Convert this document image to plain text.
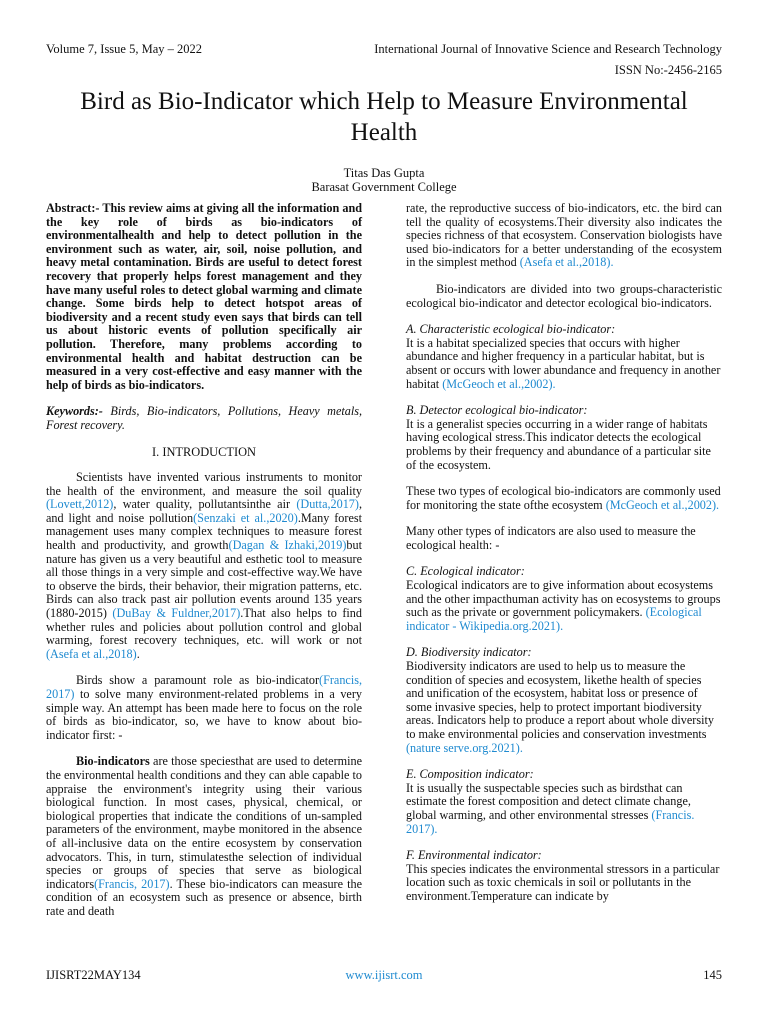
Volume 7, Issue 5, May – 2022	International Journal of Innovative Science and Research Technology
ISSN No:-2456-2165
Bird as Bio-Indicator which Help to Measure Environmental Health
Titas Das Gupta
Barasat Government College

Abstract:- This review aims at giving all the information and the key role of birds as bio-indicators of environmentalhealth and help to detect pollution in the environment such as water, air, soil, noise pollution, and heavy metal contamination. Birds are useful to detect forest recovery that properly helps forest management and they have many useful roles to detect global warming and climate change. Some birds help to detect hotspot areas of biodiversity and a recent study even says that birds can tell us about historic events of pollution specifically air pollution. Therefore, many problems according to environmental health and habitat destruction can be measured in a very cost-effective and easy manner with the help of birds as bio-indicators.

Keywords:- Birds, Bio-indicators, Pollutions, Heavy metals, Forest recovery.

I. INTRODUCTION

Scientists have invented various instruments to monitor the health of the environment, and measure the soil quality (Lovett,2012), water quality, pollutantsinthe air (Dutta,2017), and light and noise pollution(Senzaki et al.,2020).Many forest management uses many complex techniques to measure forest health and productivity, and growth(Dagan & Izhaki,2019)but nature has given us a very beautiful and esthetic tool to measure all those things in a very simple and cost-effective way.We have to observe the birds, their behavior, their migration patterns, etc. Birds can also track past air pollution events around 135 years (1880-2015) (DuBay & Fuldner,2017).That also helps to find whether rules and policies about pollution control and global warming, forest recovery techniques, etc. will work or not (Asefa et al.,2018).

Birds show a paramount role as bio-indicator(Francis, 2017) to solve many environment-related problems in a very simple way. An attempt has been made here to focus on the role of birds as bio-indicator, so, we have to know about bio-indicator first: -

Bio-indicators are those speciesthat are used to determine the environmental health conditions and they can able capable to appraise the environment's integrity using their various biological function. In most cases, physical, chemical, or biological properties that indicate the conditions of un-sampled parameters of the environment, maybe monitored in the absence of all-inclusive data on the entire ecosystem by conservation advocators. This, in turn, stimulatesthe selection of individual species or groups of species that serve as biological indicators(Francis, 2017). These bio-indicators can measure the condition of an ecosystem such as presence or absence, birth rate and death

rate, the reproductive success of bio-indicators, etc. the bird can tell the quality of ecosystems.Their diversity also indicates the species richness of that ecosystem. Conservation biologists have used bio-indicators for a better understanding of the ecosystem in the simplest method (Asefa et al.,2018).

Bio-indicators are divided into two groups-characteristic ecological bio-indicator and detector ecological bio-indicators.

A. Characteristic ecological bio-indicator:

It is a habitat specialized species that occurs with higher abundance and higher frequency in a particular habitat, but is absent or occurs with lower abundance and frequency in another habitat (McGeoch et al.,2002).

B. Detector ecological bio-indicator:

It is a generalist species occurring in a wider range of habitats having ecological stress.This indicator detects the ecological problems by their frequency and abundance of a particular site of the ecosystem.

These two types of ecological bio-indicators are commonly used for monitoring the state ofthe ecosystem (McGeoch et al.,2002).

Many other types of indicators are also used to measure the ecological health: -

C. Ecological indicator:

Ecological indicators are to give information about ecosystems and the other impacthuman activity has on ecosystems to groups such as the private or government policymakers. (Ecological indicator - Wikipedia.org.2021).

D. Biodiversity indicator:

Biodiversity indicators are used to help us to measure the condition of species and ecosystem, likethe health of species and unification of the ecosystem, habitat loss or presence of some invasive species, help to protect important biodiversity areas. Indicators help to produce a report about whole diversity to make environmental policies and conservation investments (nature serve.org.2021).

E. Composition indicator:

It is usually the suspectable species such as birdsthat can estimate the forest composition and detect climate change, global warming, and other environmental stresses (Francis. 2017).

F. Environmental indicator:

This species indicates the environmental stressors in a particular location such as toxic chemicals in soil or pollutants in the environment.Temperature can indicate by

IJISRT22MAY134	www.ijisrt.com	145
